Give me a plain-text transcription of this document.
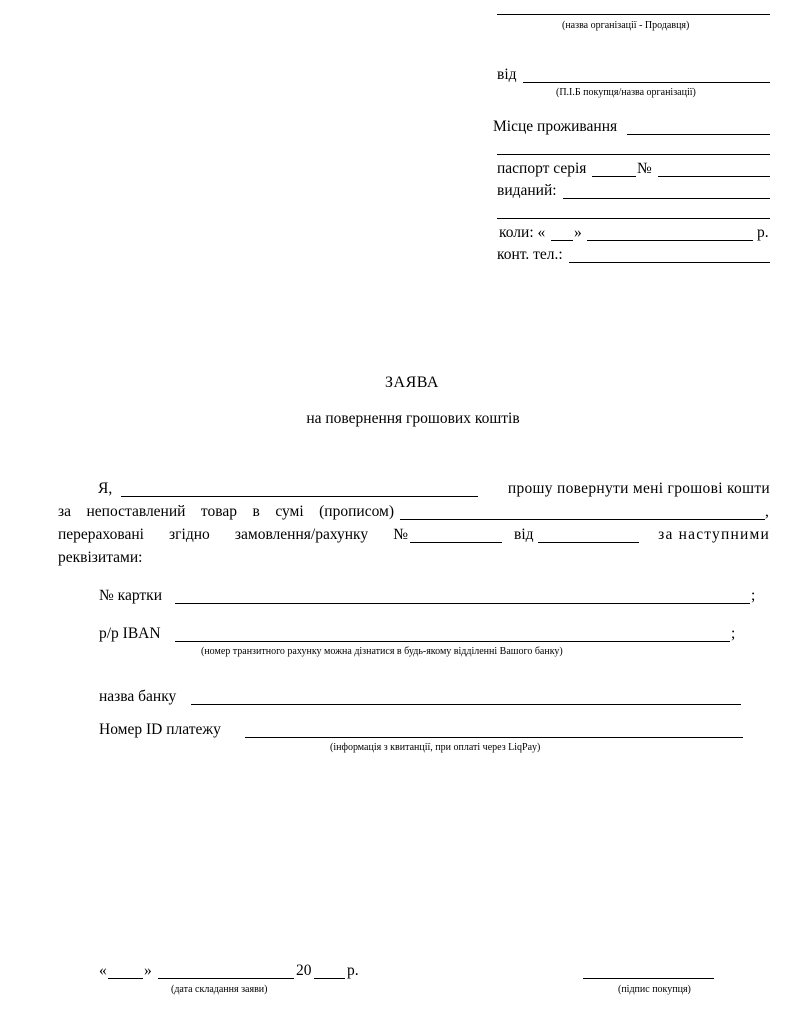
(назва організації - Продавця)
від
(П.І.Б покупця/назва організації)
Місце проживання
паспорт серія	№
виданий:
коли: « »	р.
конт. тел.:
ЗАЯВА
на повернення грошових коштів
Я,	прошу повернути мені грошові кошти
за непоставлений товар в сумі (прописом)	,
перераховані згідно замовлення/рахунку №	від	за наступними
реквізитами:
№ картки	;
р/р IBAN	;
(номер транзитного рахунку можна дізнатися в будь-якому відділенні Вашого банку)
назва банку
Номер ID платежу
(інформація з квитанції, при оплаті через LiqPay)
« »	20 р.
(дата складання заяви)	(підпис покупця)
